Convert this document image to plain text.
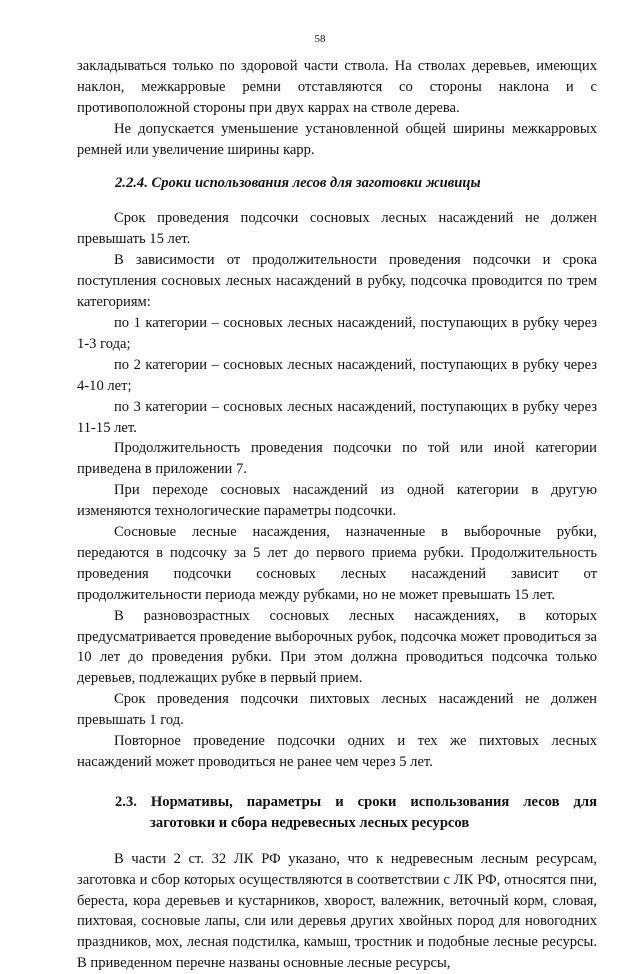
58

закладываться только по здоровой части ствола. На стволах деревьев, имеющих наклон, межкарровые ремни отставляются со стороны наклона и с противоположной стороны при двух каррах на стволе дерева.

Не допускается уменьшение установленной общей ширины межкарровых ремней или увеличение ширины карр.

2.2.4. Сроки использования лесов для заготовки живицы

Срок проведения подсочки сосновых лесных насаждений не должен превышать 15 лет.

В зависимости от продолжительности проведения подсочки и срока поступления сосновых лесных насаждений в рубку, подсочка проводится по трем категориям:

по 1 категории – сосновых лесных насаждений, поступающих в рубку через 1-3 года;

по 2 категории – сосновых лесных насаждений, поступающих в рубку через 4-10 лет;

по 3 категории – сосновых лесных насаждений, поступающих в рубку через 11-15 лет.

Продолжительность проведения подсочки по той или иной категории приведена в приложении 7.

При переходе сосновых насаждений из одной категории в другую изменяются технологические параметры подсочки.

Сосновые лесные насаждения, назначенные в выборочные рубки, передаются в подсочку за 5 лет до первого приема рубки. Продолжительность проведения подсочки сосновых лесных насаждений зависит от продолжительности периода между рубками, но не может превышать 15 лет.

В разновозрастных сосновых лесных насаждениях, в которых предусматривается проведение выборочных рубок, подсочка может проводиться за 10 лет до проведения рубки. При этом должна проводиться подсочка только деревьев, подлежащих рубке в первый прием.

Срок проведения подсочки пихтовых лесных насаждений не должен превышать 1 год.

Повторное проведение подсочки одних и тех же пихтовых лесных насаждений может проводиться не ранее чем через 5 лет.

2.3. Нормативы, параметры и сроки использования лесов для
заготовки и сбора недревесных лесных ресурсов

В части 2 ст. 32 ЛК РФ указано, что к недревесным лесным ресурсам, заготовка и сбор которых осуществляются в соответствии с ЛК РФ, относятся пни, береста, кора деревьев и кустарников, хворост, валежник, веточный корм, словая, пихтовая, сосновые лапы, сли или деревья других хвойных пород для новогодних праздников, мох, лесная подстилка, камыш, тростник и подобные лесные ресурсы. В приведенном перечне названы основные лесные ресурсы,
